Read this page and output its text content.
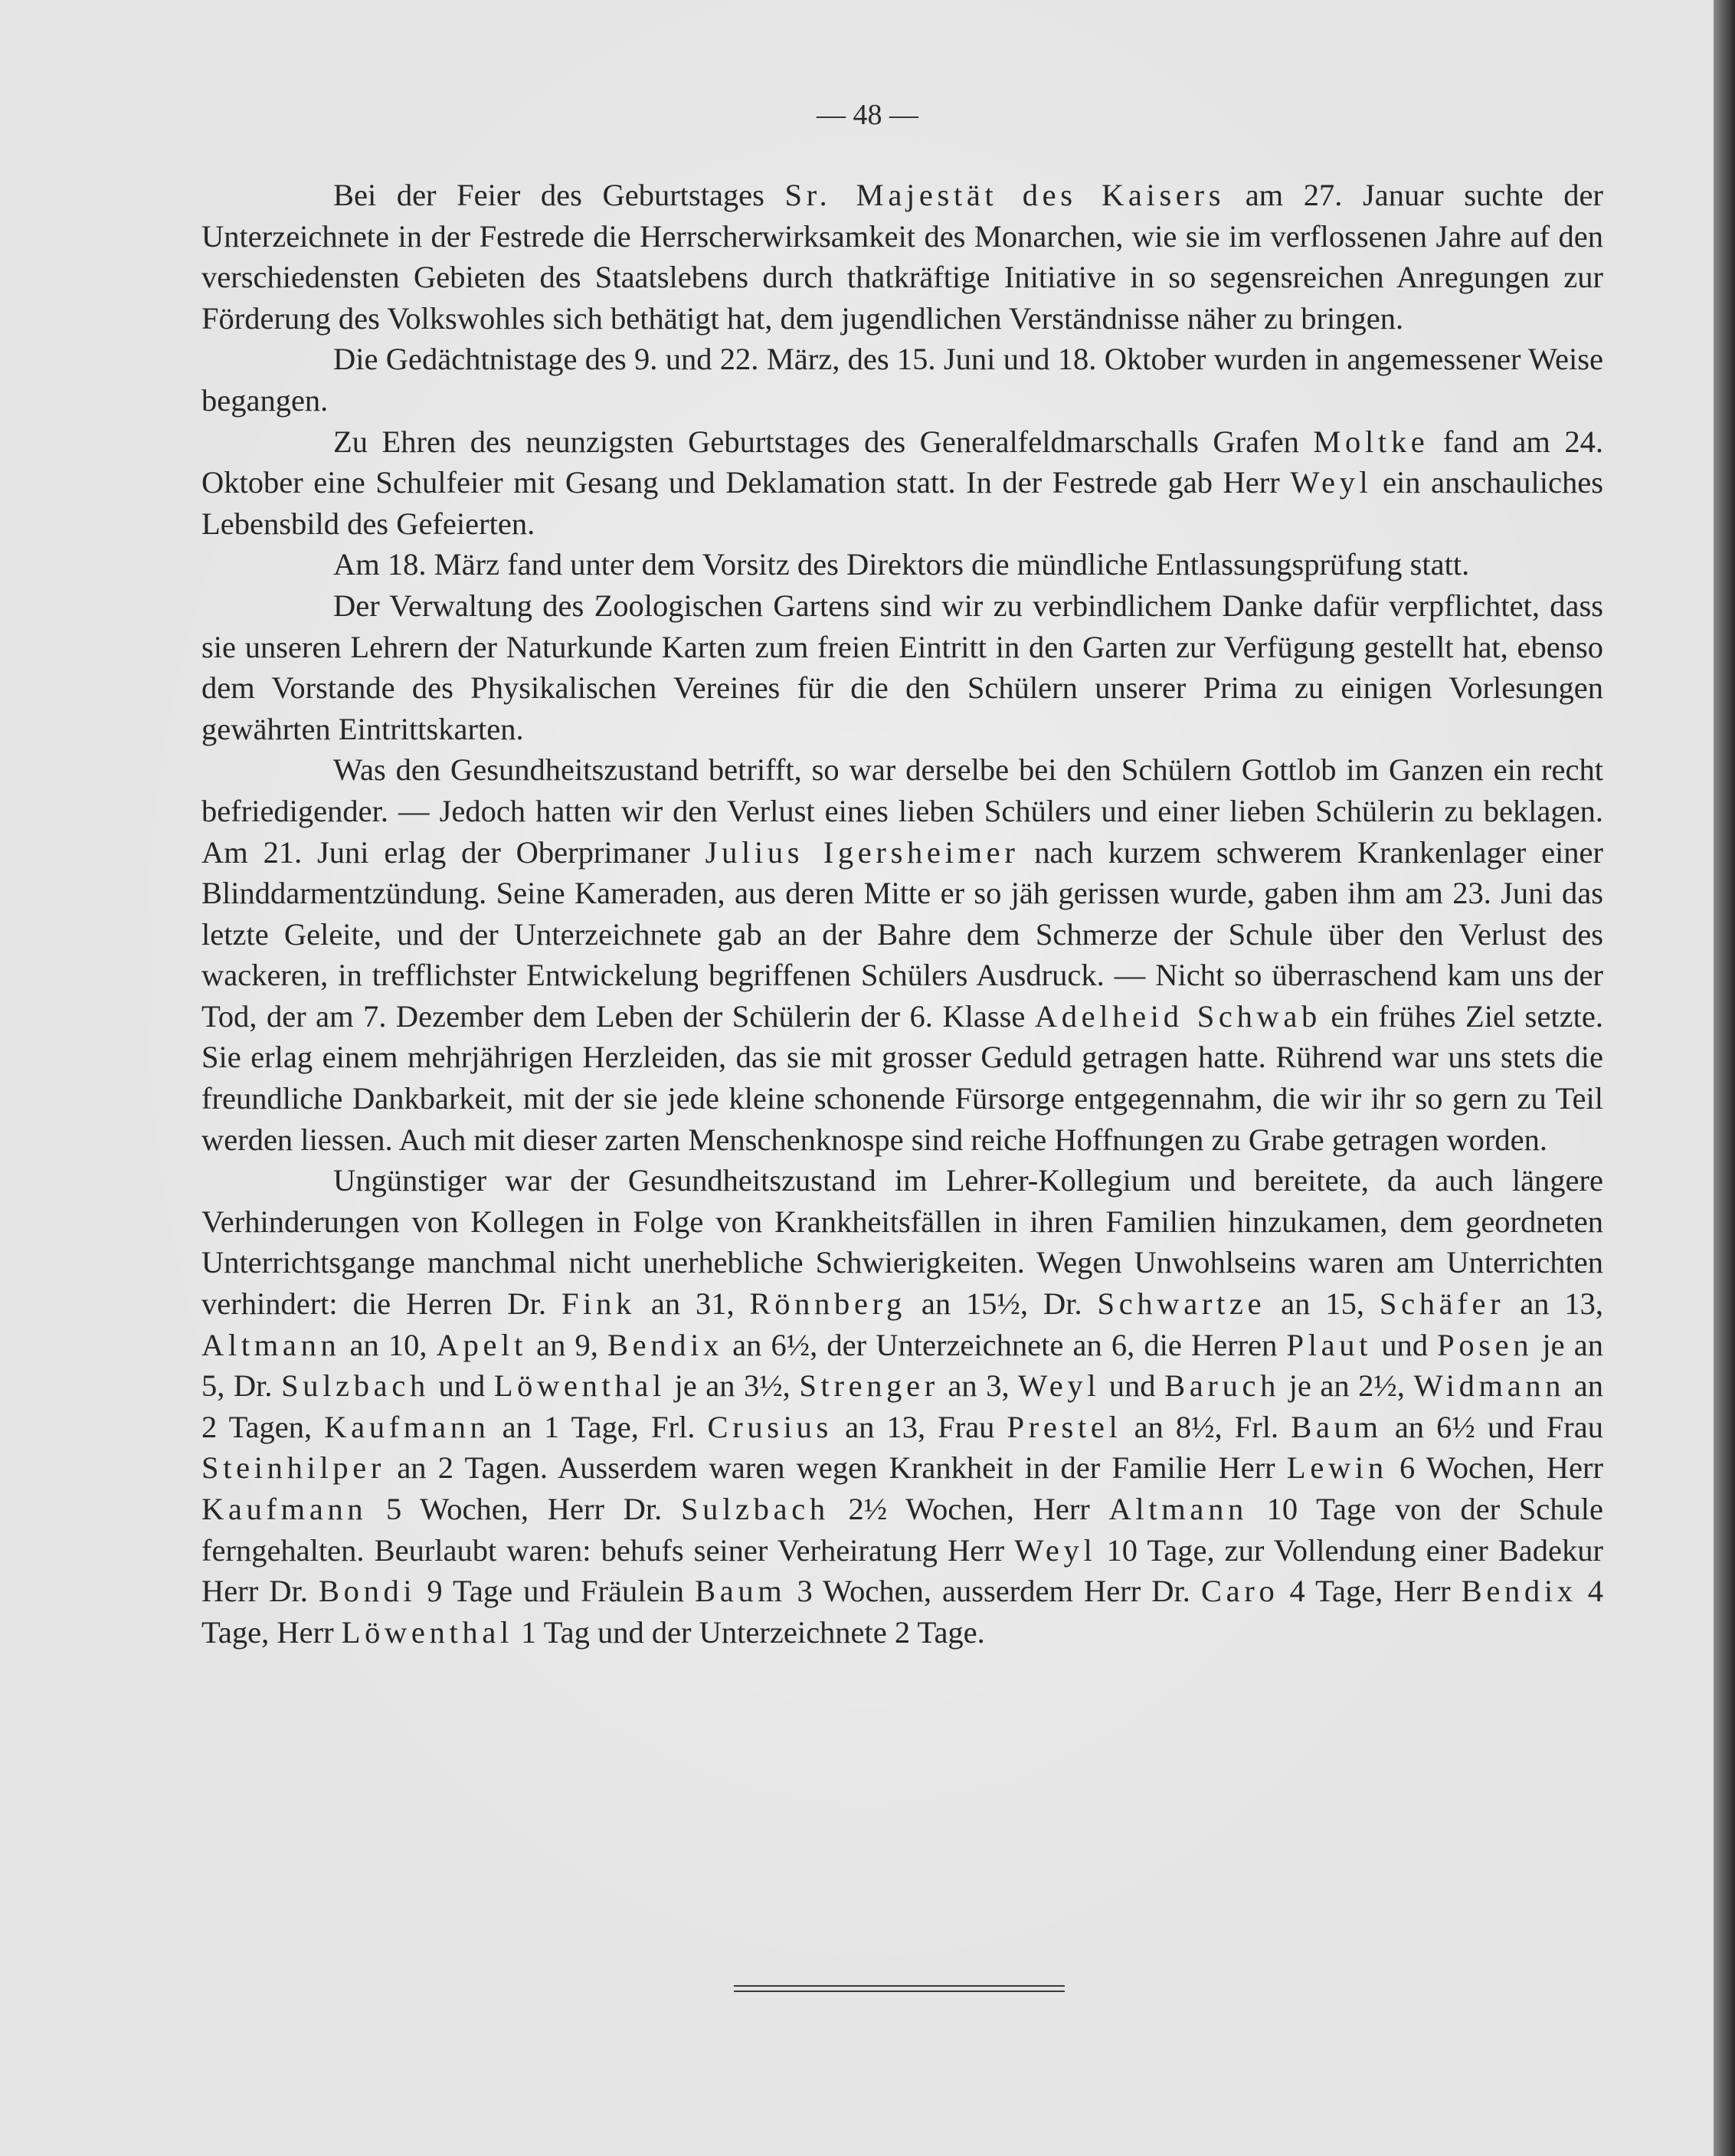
— 48 —

Bei der Feier des Geburtstages Sr. Majestät des Kaisers am 27. Januar suchte der Unterzeichnete in der Festrede die Herrscherwirksamkeit des Monarchen, wie sie im verflossenen Jahre auf den verschiedensten Gebieten des Staatslebens durch thatkräftige Initiative in so segensreichen Anregungen zur Förderung des Volkswohles sich bethätigt hat, dem jugendlichen Verständnisse näher zu bringen.

Die Gedächtnistage des 9. und 22. März, des 15. Juni und 18. Oktober wurden in angemessener Weise begangen.

Zu Ehren des neunzigsten Geburtstages des Generalfeldmarschalls Grafen Moltke fand am 24. Oktober eine Schulfeier mit Gesang und Deklamation statt. In der Festrede gab Herr Weyl ein anschauliches Lebensbild des Gefeierten.

Am 18. März fand unter dem Vorsitz des Direktors die mündliche Entlassungsprüfung statt.

Der Verwaltung des Zoologischen Gartens sind wir zu verbindlichem Danke dafür verpflichtet, dass sie unseren Lehrern der Naturkunde Karten zum freien Eintritt in den Garten zur Verfügung gestellt hat, ebenso dem Vorstande des Physikalischen Vereines für die den Schülern unserer Prima zu einigen Vorlesungen gewährten Eintrittskarten.

Was den Gesundheitszustand betrifft, so war derselbe bei den Schülern Gottlob im Ganzen ein recht befriedigender. — Jedoch hatten wir den Verlust eines lieben Schülers und einer lieben Schülerin zu beklagen. Am 21. Juni erlag der Oberprimaner Julius Igersheimer nach kurzem schwerem Krankenlager einer Blinddarmentzündung. Seine Kameraden, aus deren Mitte er so jäh gerissen wurde, gaben ihm am 23. Juni das letzte Geleite, und der Unterzeichnete gab an der Bahre dem Schmerze der Schule über den Verlust des wackeren, in trefflichster Entwickelung begriffenen Schülers Ausdruck. — Nicht so überraschend kam uns der Tod, der am 7. Dezember dem Leben der Schülerin der 6. Klasse Adelheid Schwab ein frühes Ziel setzte. Sie erlag einem mehrjährigen Herzleiden, das sie mit grosser Geduld getragen hatte. Rührend war uns stets die freundliche Dankbarkeit, mit der sie jede kleine schonende Fürsorge entgegennahm, die wir ihr so gern zu Teil werden liessen. Auch mit dieser zarten Menschenknospe sind reiche Hoffnungen zu Grabe getragen worden.

Ungünstiger war der Gesundheitszustand im Lehrer-Kollegium und bereitete, da auch längere Verhinderungen von Kollegen in Folge von Krankheitsfällen in ihren Familien hinzukamen, dem geordneten Unterrichtsgange manchmal nicht unerhebliche Schwierigkeiten. Wegen Unwohlseins waren am Unterrichten verhindert: die Herren Dr. Fink an 31, Rönnberg an 15½, Dr. Schwartze an 15, Schäfer an 13, Altmann an 10, Apelt an 9, Bendix an 6½, der Unterzeichnete an 6, die Herren Plaut und Posen je an 5, Dr. Sulzbach und Löwenthal je an 3½, Strenger an 3, Weyl und Baruch je an 2½, Widmann an 2 Tagen, Kaufmann an 1 Tage, Frl. Crusius an 13, Frau Prestel an 8½, Frl. Baum an 6½ und Frau Steinhilper an 2 Tagen. Ausserdem waren wegen Krankheit in der Familie Herr Lewin 6 Wochen, Herr Kaufmann 5 Wochen, Herr Dr. Sulzbach 2½ Wochen, Herr Altmann 10 Tage von der Schule ferngehalten. Beurlaubt waren: behufs seiner Verheiratung Herr Weyl 10 Tage, zur Vollendung einer Badekur Herr Dr. Bondi 9 Tage und Fräulein Baum 3 Wochen, ausserdem Herr Dr. Caro 4 Tage, Herr Bendix 4 Tage, Herr Löwenthal 1 Tag und der Unterzeichnete 2 Tage.
